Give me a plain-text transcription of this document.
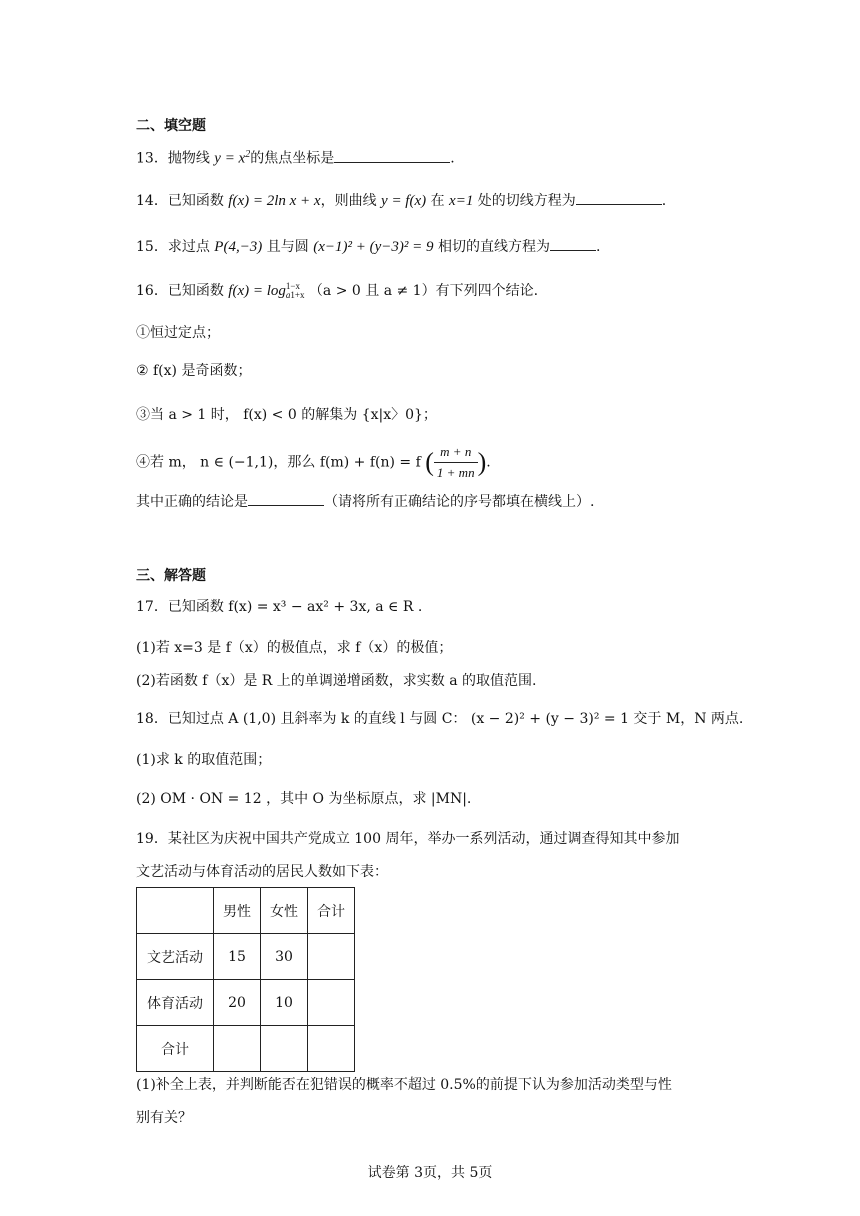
二、填空题
13．抛物线 $y = x^2$的焦点坐标是	.
14．已知函数 f(x) = 2ln x + x，则曲线 y = f(x) 在 x=1 处的切线方程为	.
15．求过点 P(4,−3) 且与圆 (x−1)² + (y−3)² = 9 相切的直线方程为	.
16．已知函数 f(x) = log 1−x
a1+x （a > 0 且 a ≠ 1）有下列四个结论.
①恒过定点；
② f(x) 是奇函数；
③当 a > 1 时， f(x) < 0 的解集为 {x|x〉0}；
④若 m， n ∈ (−1,1)，那么 f(m) + f(n) = f ( $\frac{m + n}{1 + mn}$ ).
其中正确的结论是	（请将所有正确结论的序号都填在横线上）.
三、解答题
17．已知函数 f(x) = x³ − ax² + 3x, a ∈ R .
(1)若 x=3 是 f（x）的极值点，求 f（x）的极值；
(2)若函数 f（x）是 R 上的单调递增函数，求实数 a 的取值范围.
18．已知过点 A (1,0) 且斜率为 k 的直线 l 与圆 C： (x − 2)² + (y − 3)² = 1 交于 M，N 两点.
(1)求 k 的取值范围；
(2) OM · ON = 12 ，其中 O 为坐标原点，求 |MN|.
19．某社区为庆祝中国共产党成立 100 周年，举办一系列活动，通过调查得知其中参加
文艺活动与体育活动的居民人数如下表：
	男性	女性	合计
文艺活动	15	30	
体育活动	20	10	
合计			
(1)补全上表，并判断能否在犯错误的概率不超过 0.5%的前提下认为参加活动类型与性
别有关？
试卷第 3页，共 5页
